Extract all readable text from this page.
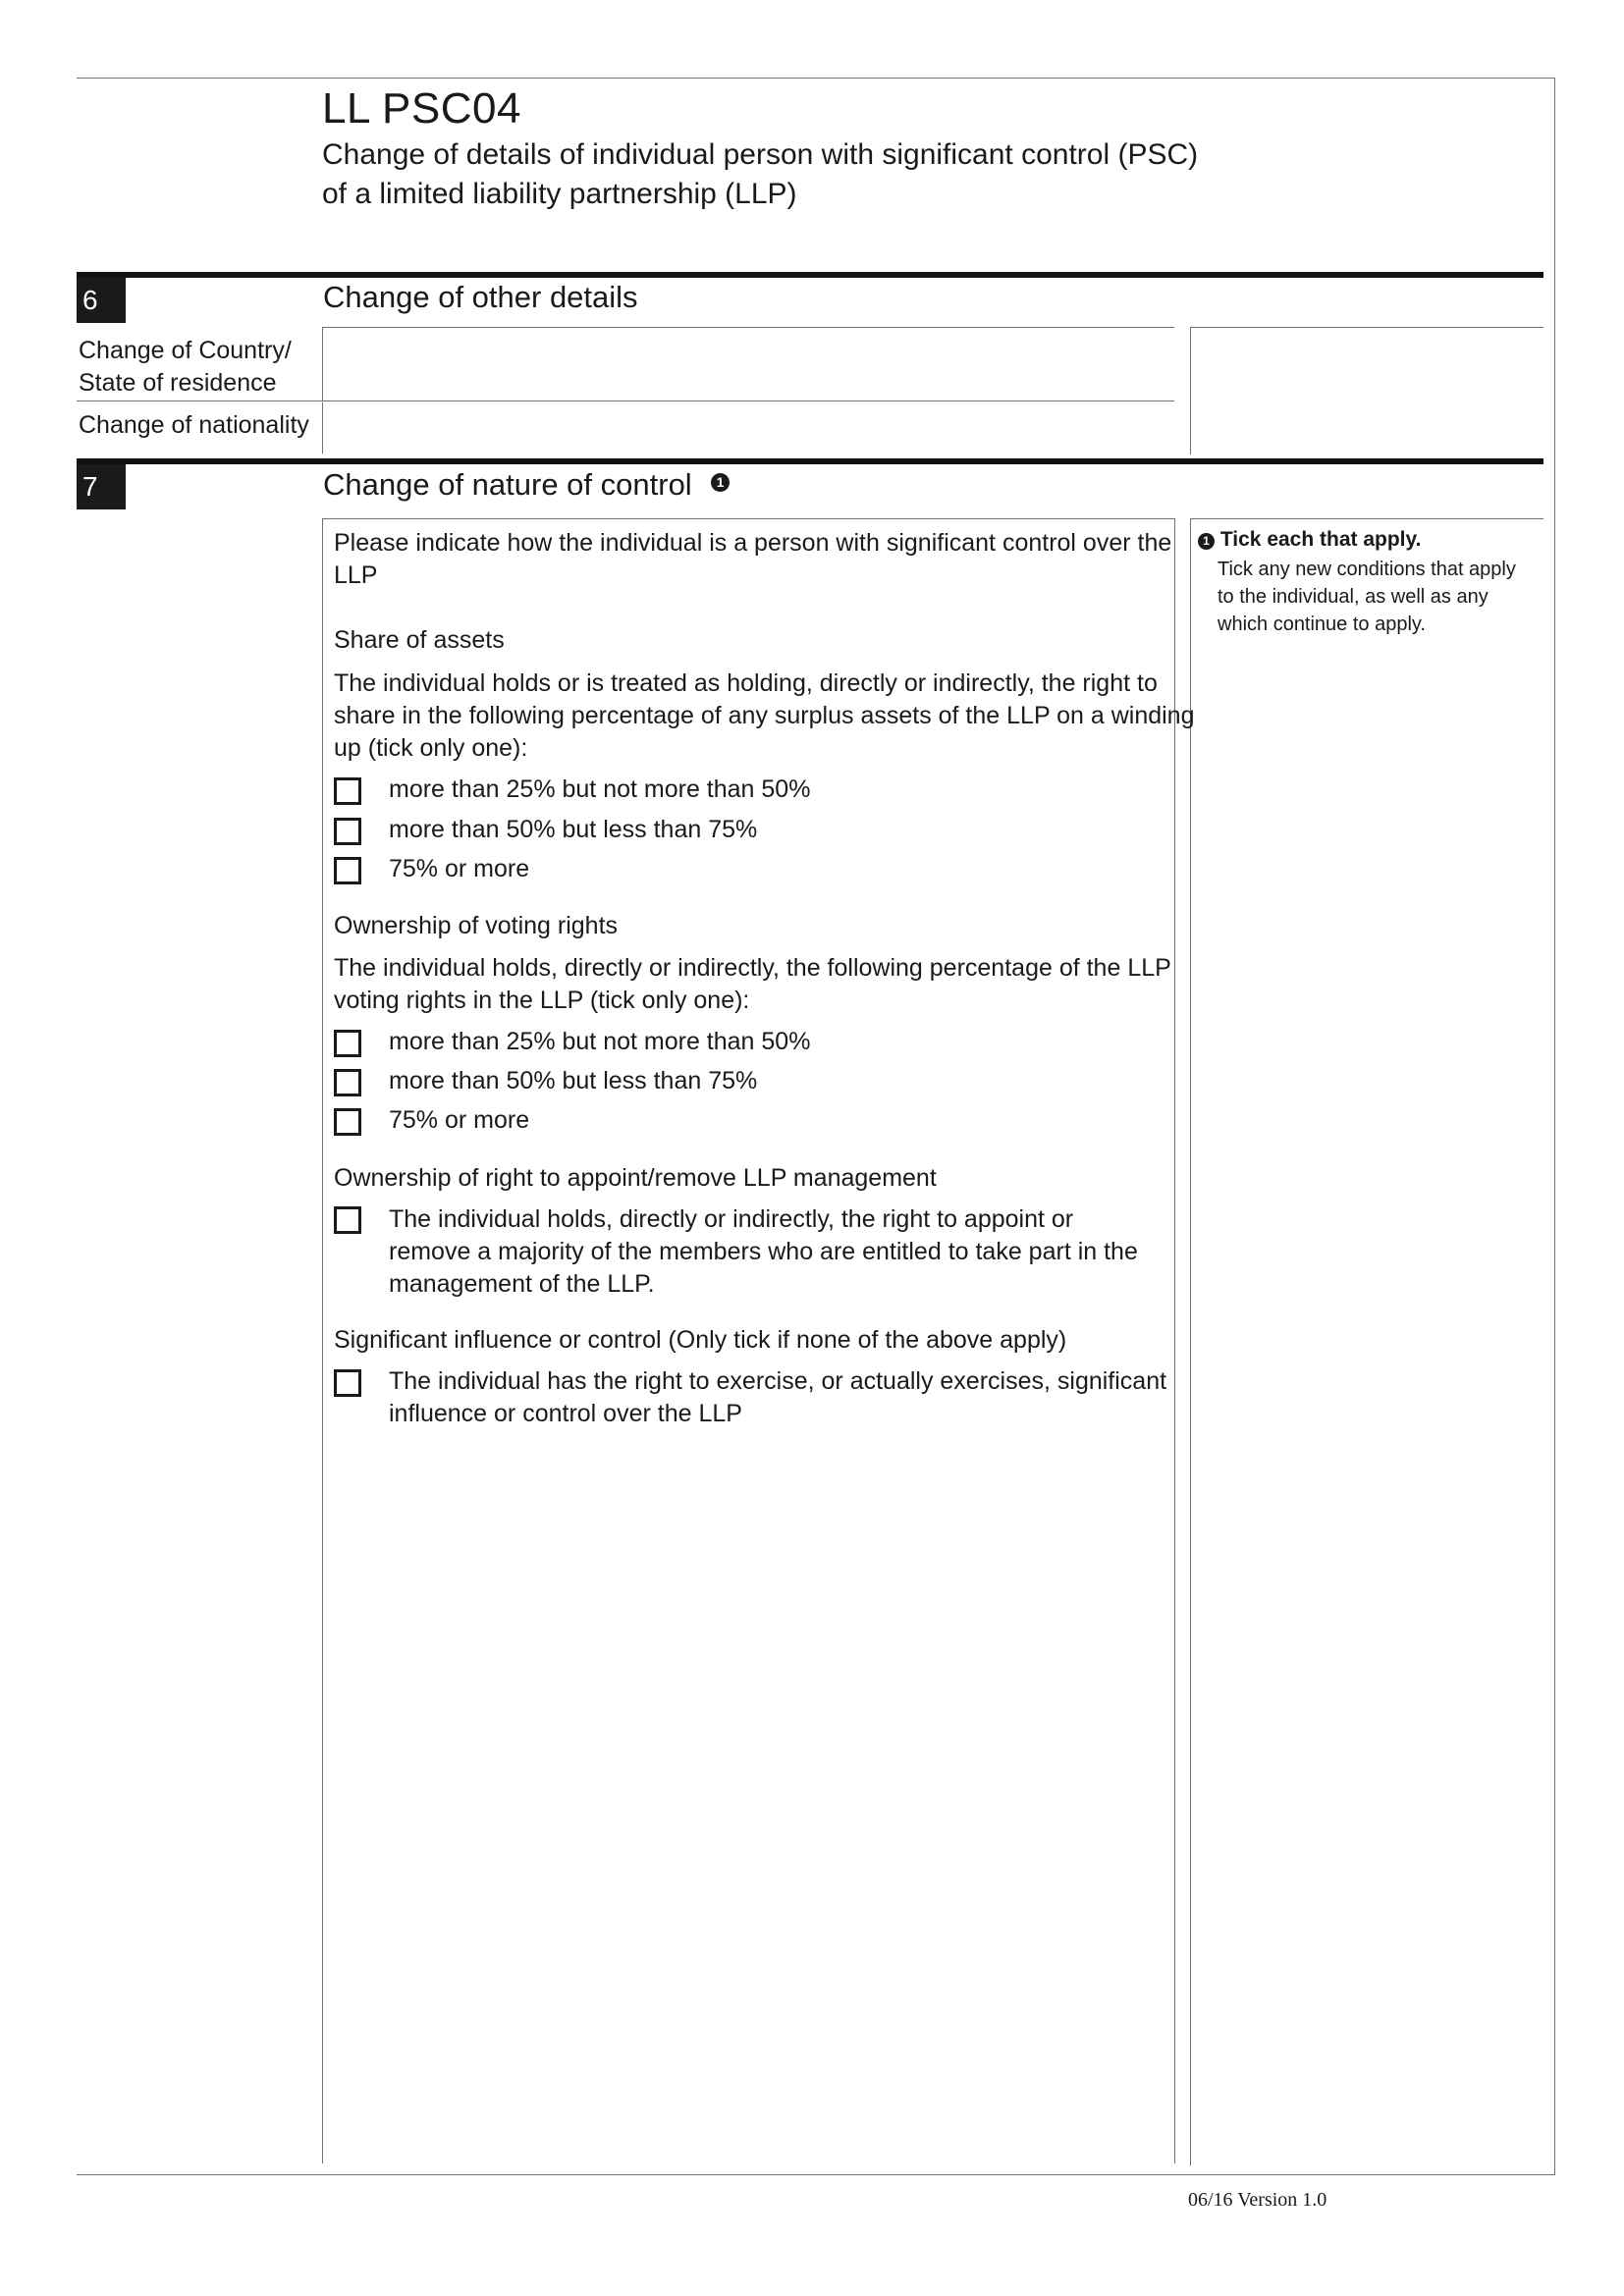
LL PSC04
Change of details of individual person with significant control (PSC)
of a limited liability partnership (LLP)
6	Change of other details
Change of Country/
State of residence
Change of nationality
7	Change of nature of control	1
Please indicate how the individual is a person with significant control over the
LLP
Share of assets
The individual holds or is treated as holding, directly or indirectly, the right to
share in the following percentage of any surplus assets of the LLP on a winding
up (tick only one):
more than 25% but not more than 50%
more than 50% but less than 75%
75% or more
Ownership of voting rights
The individual holds, directly or indirectly, the following percentage of the LLP
voting rights in the LLP (tick only one):
more than 25% but not more than 50%
more than 50% but less than 75%
75% or more
Ownership of right to appoint/remove LLP management
The individual holds, directly or indirectly, the right to appoint or
remove a majority of the members who are entitled to take part in the
management of the LLP.
Significant influence or control (Only tick if none of the above apply)
The individual has the right to exercise, or actually exercises, significant
influence or control over the LLP
1 Tick each that apply.
Tick any new conditions that apply
to the individual, as well as any
which continue to apply.
06/16 Version 1.0
